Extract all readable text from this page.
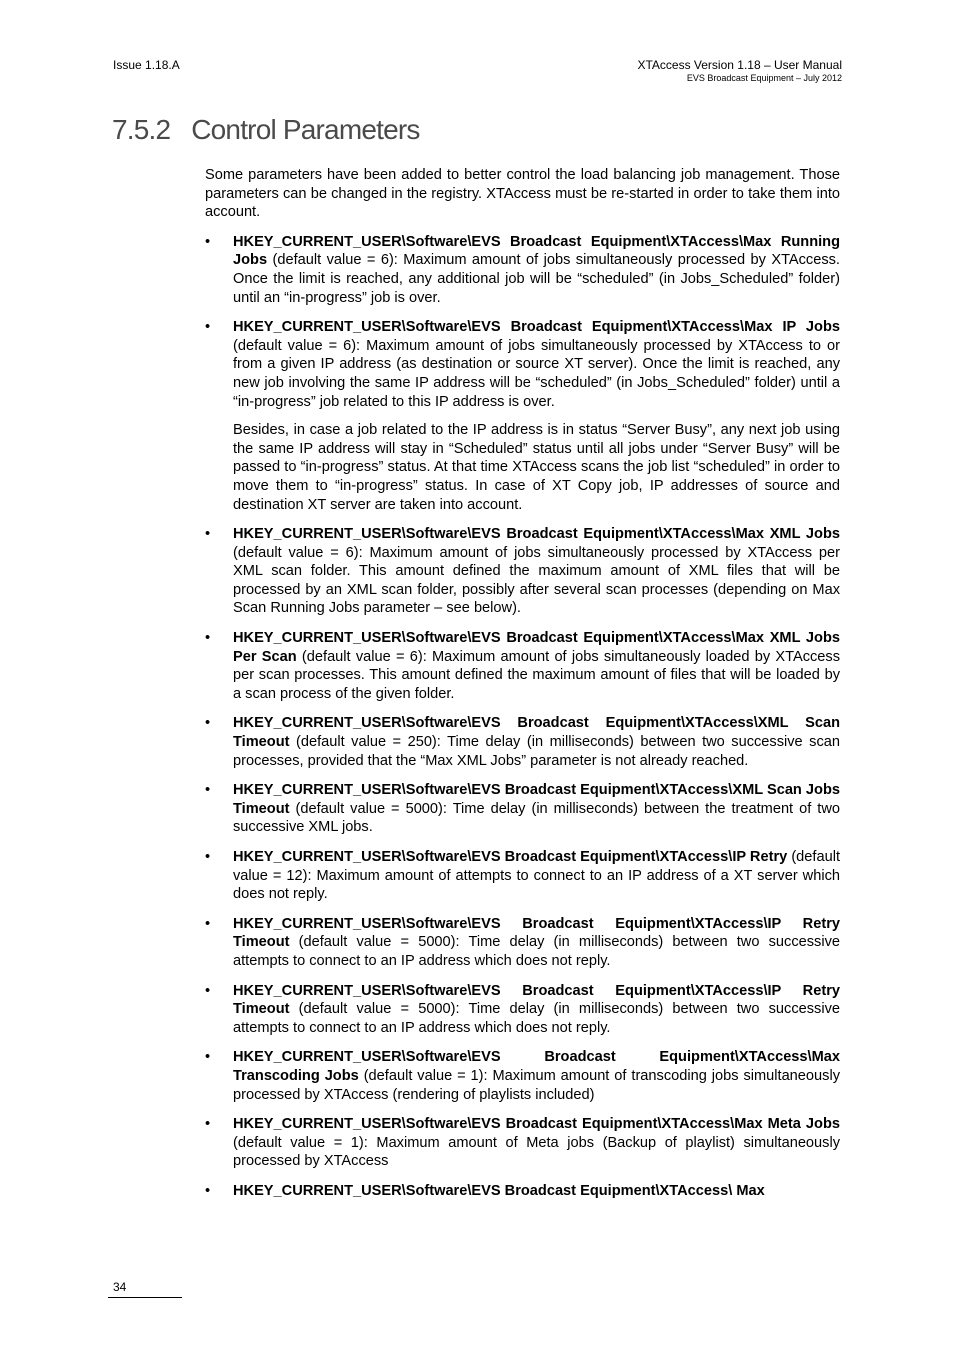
Issue 1.18.A	XTAccess Version 1.18 – User Manual
EVS Broadcast Equipment – July 2012
7.5.2 Control Parameters

Some parameters have been added to better control the load balancing job management. Those parameters can be changed in the registry. XTAccess must be re-started in order to take them into account.

• HKEY_CURRENT_USER\Software\EVS Broadcast Equipment\XTAccess\Max Running Jobs (default value = 6): Maximum amount of jobs simultaneously processed by XTAccess. Once the limit is reached, any additional job will be “scheduled” (in Jobs_Scheduled” folder) until an “in-progress” job is over.

• HKEY_CURRENT_USER\Software\EVS Broadcast Equipment\XTAccess\Max IP Jobs (default value = 6): Maximum amount of jobs simultaneously processed by XTAccess to or from a given IP address (as destination or source XT server). Once the limit is reached, any new job involving the same IP address will be “scheduled” (in Jobs_Scheduled” folder) until a “in-progress” job related to this IP address is over.

Besides, in case a job related to the IP address is in status “Server Busy”, any next job using the same IP address will stay in “Scheduled” status until all jobs under “Server Busy” will be passed to “in-progress” status. At that time XTAccess scans the job list “scheduled” in order to move them to “in-progress” status. In case of XT Copy job, IP addresses of source and destination XT server are taken into account.

• HKEY_CURRENT_USER\Software\EVS Broadcast Equipment\XTAccess\Max XML Jobs (default value = 6): Maximum amount of jobs simultaneously processed by XTAccess per XML scan folder. This amount defined the maximum amount of XML files that will be processed by an XML scan folder, possibly after several scan processes (depending on Max Scan Running Jobs parameter – see below).

• HKEY_CURRENT_USER\Software\EVS Broadcast Equipment\XTAccess\Max XML Jobs Per Scan (default value = 6): Maximum amount of jobs simultaneously loaded by XTAccess per scan processes. This amount defined the maximum amount of files that will be loaded by a scan process of the given folder.

• HKEY_CURRENT_USER\Software\EVS Broadcast Equipment\XTAccess\XML Scan Timeout (default value = 250): Time delay (in milliseconds) between two successive scan processes, provided that the “Max XML Jobs” parameter is not already reached.

• HKEY_CURRENT_USER\Software\EVS Broadcast Equipment\XTAccess\XML Scan Jobs Timeout (default value = 5000): Time delay (in milliseconds) between the treatment of two successive XML jobs.

• HKEY_CURRENT_USER\Software\EVS Broadcast Equipment\XTAccess\IP Retry (default value = 12): Maximum amount of attempts to connect to an IP address of a XT server which does not reply.

• HKEY_CURRENT_USER\Software\EVS Broadcast Equipment\XTAccess\IP Retry Timeout (default value = 5000): Time delay (in milliseconds) between two successive attempts to connect to an IP address which does not reply.

• HKEY_CURRENT_USER\Software\EVS Broadcast Equipment\XTAccess\IP Retry Timeout (default value = 5000): Time delay (in milliseconds) between two successive attempts to connect to an IP address which does not reply.

• HKEY_CURRENT_USER\Software\EVS Broadcast Equipment\XTAccess\Max Transcoding Jobs (default value = 1): Maximum amount of transcoding jobs simultaneously processed by XTAccess (rendering of playlists included)

• HKEY_CURRENT_USER\Software\EVS Broadcast Equipment\XTAccess\Max Meta Jobs (default value = 1): Maximum amount of Meta jobs (Backup of playlist) simultaneously processed by XTAccess

• HKEY_CURRENT_USER\Software\EVS Broadcast Equipment\XTAccess\ Max

34
